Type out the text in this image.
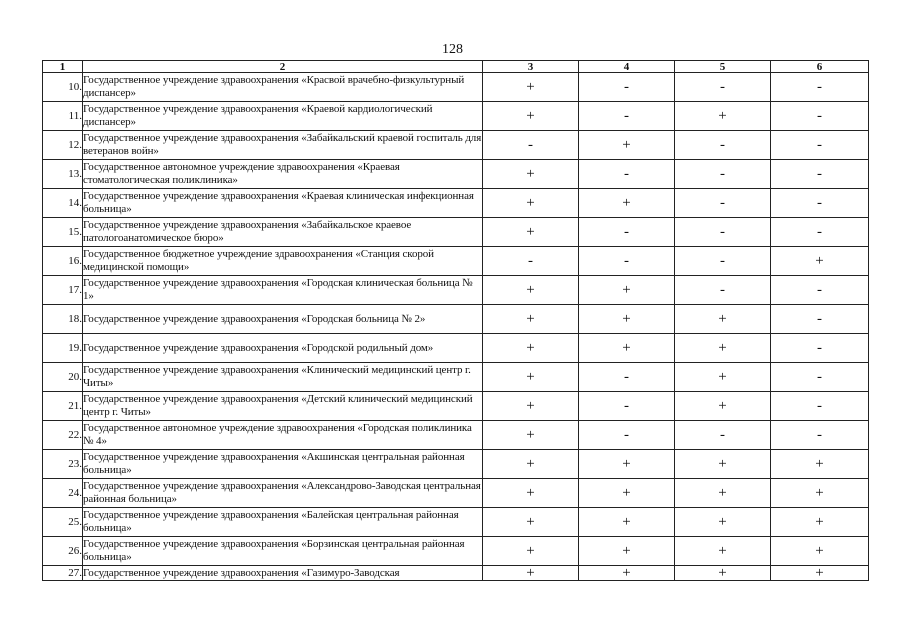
128
1	2	3	4	5	6
10.	Государственное учреждение здравоохранения «Красвой врачебно-физкультурный диспансер»	+	-	-	-
11.	Государственное учреждение здравоохранения «Краевой кардиологический диспансер»	+	-	+	-
12.	Государственное учреждение здравоохранения «Забайкальский краевой госпиталь для ветеранов войн»	-	+	-	-
13.	Государственное автономное учреждение здравоохранения «Краевая стоматологическая поликлиника»	+	-	-	-
14.	Государственное учреждение здравоохранения «Краевая клиническая инфекционная больница»	+	+	-	-
15.	Государственное учреждение здравоохранения «Забайкальское краевое патологоанатомическое бюро»	+	-	-	-
16.	Государственное бюджетное учреждение здравоохранения «Станция скорой медицинской помощи»	-	-	-	+
17.	Государственное учреждение здравоохранения «Городская клиническая больница № 1»	+	+	-	-
18.	Государственное учреждение здравоохранения «Городская больница № 2»	+	+	+	-
19.	Государственное учреждение здравоохранения «Городской родильный дом»	+	+	+	-
20.	Государственное учреждение здравоохранения «Клинический медицинский центр г. Читы»	+	-	+	-
21.	Государственное учреждение здравоохранения «Детский клинический медицинский центр г. Читы»	+	-	+	-
22.	Государственное автономное учреждение здравоохранения «Городская поликлиника № 4»	+	-	-	-
23.	Государственное учреждение здравоохранения «Акшинская центральная районная больница»	+	+	+	+
24.	Государственное учреждение здравоохранения «Александрово-Заводская центральная районная больница»	+	+	+	+
25.	Государственное учреждение здравоохранения «Балейская центральная районная больница»	+	+	+	+
26.	Государственное учреждение здравоохранения «Борзинская центральная районная больница»	+	+	+	+
27.	Государственное учреждение здравоохранения «Газимуро-Заводская	+	+	+	+
